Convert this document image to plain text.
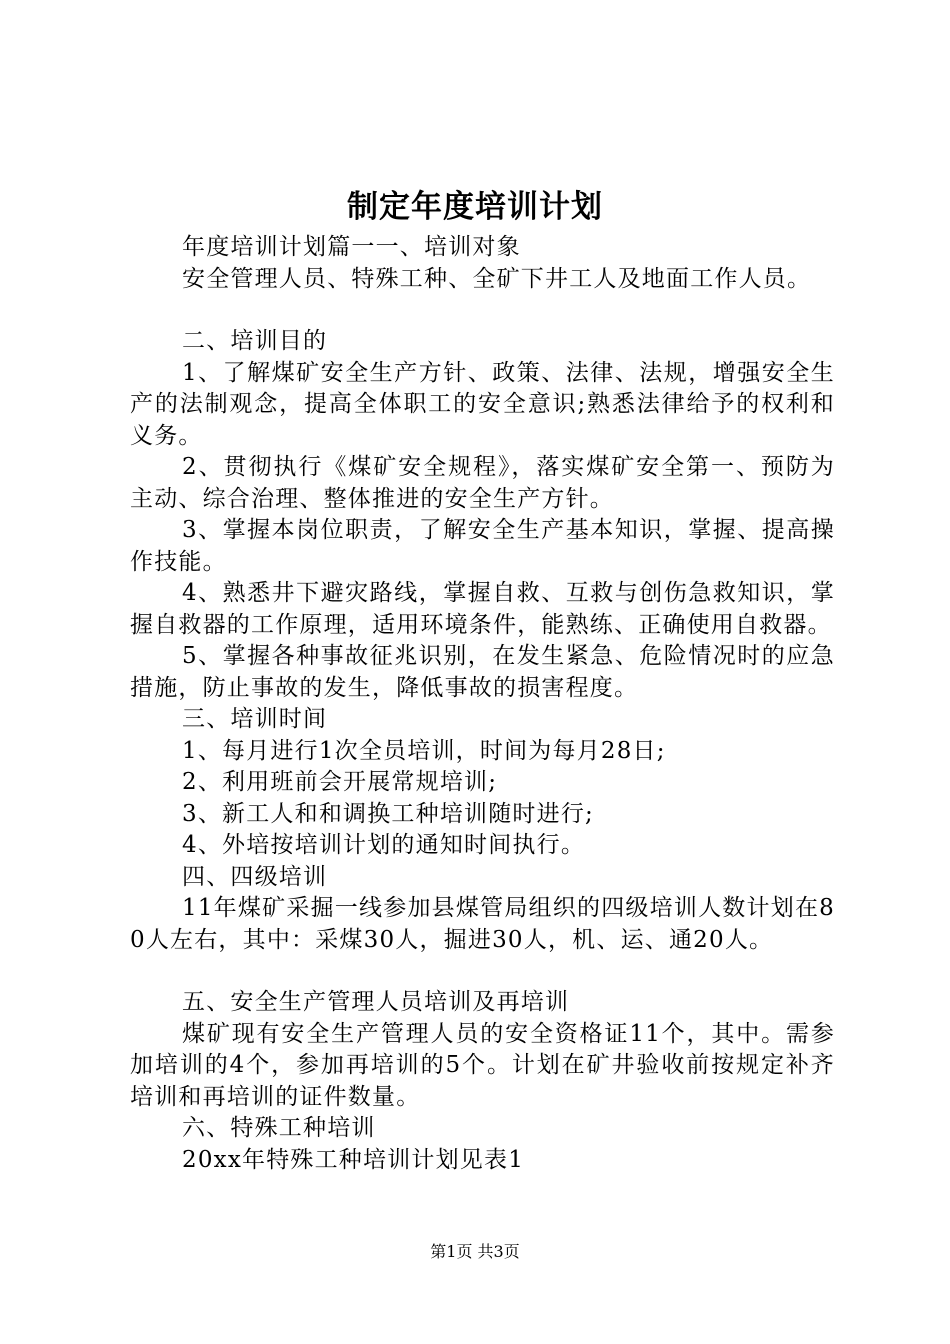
制定年度培训计划

年度培训计划篇一一、培训对象

安全管理人员、特殊工种、全矿下井工人及地面工作人员。

二、培训目的

1、了解煤矿安全生产方针、政策、法律、法规，增强安全生产的法制观念，提高全体职工的安全意识;熟悉法律给予的权利和义务。

2、贯彻执行《煤矿安全规程》，落实煤矿安全第一、预防为主动、综合治理、整体推进的安全生产方针。

3、掌握本岗位职责，了解安全生产基本知识，掌握、提高操作技能。

4、熟悉井下避灾路线，掌握自救、互救与创伤急救知识，掌握自救器的工作原理，适用环境条件，能熟练、正确使用自救器。

5、掌握各种事故征兆识别，在发生紧急、危险情况时的应急措施，防止事故的发生，降低事故的损害程度。

三、培训时间

1、每月进行1次全员培训，时间为每月28日;

2、利用班前会开展常规培训;

3、新工人和和调换工种培训随时进行;

4、外培按培训计划的通知时间执行。

四、四级培训

11年煤矿采掘一线参加县煤管局组织的四级培训人数计划在80人左右，其中：采煤30人，掘进30人，机、运、通20人。

五、安全生产管理人员培训及再培训

煤矿现有安全生产管理人员的安全资格证11个，其中。需参加培训的4个，参加再培训的5个。计划在矿井验收前按规定补齐培训和再培训的证件数量。

六、特殊工种培训

20xx年特殊工种培训计划见表1

第1页 共3页
